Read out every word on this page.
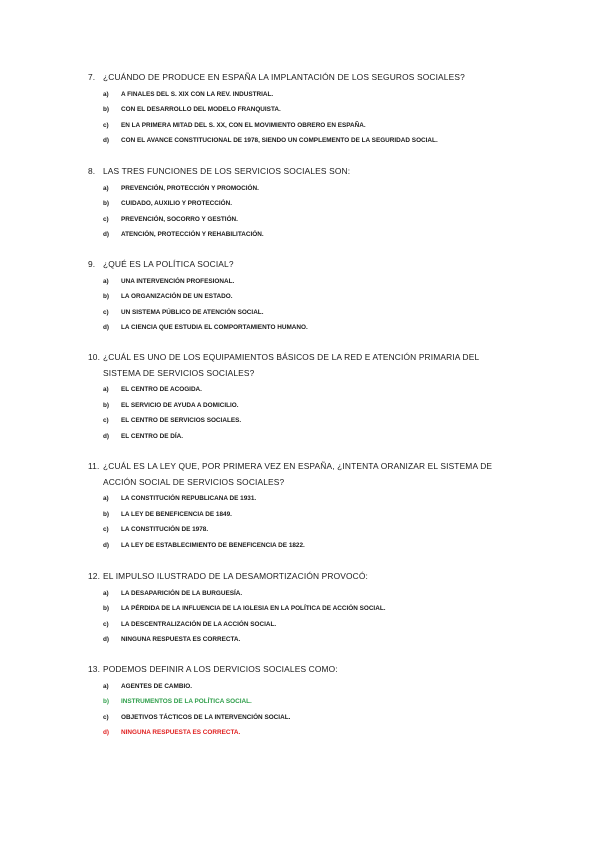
7. ¿CUÁNDO DE PRODUCE EN ESPAÑA LA IMPLANTACIÓN DE LOS SEGUROS SOCIALES?
a)	A FINALES DEL S. XIX CON LA REV. INDUSTRIAL.
b)	CON EL DESARROLLO DEL MODELO FRANQUISTA.
c)	EN LA PRIMERA MITAD DEL S. XX, CON EL MOVIMIENTO OBRERO EN ESPAÑA.
d)	CON EL AVANCE CONSTITUCIONAL DE 1978, SIENDO UN COMPLEMENTO DE LA SEGURIDAD SOCIAL.
8. LAS TRES FUNCIONES DE LOS SERVICIOS SOCIALES SON:
a)	PREVENCIÓN, PROTECCIÓN Y PROMOCIÓN.
b)	CUIDADO, AUXILIO Y PROTECCIÓN.
c)	PREVENCIÓN, SOCORRO Y GESTIÓN.
d)	ATENCIÓN, PROTECCIÓN Y REHABILITACIÓN.
9. ¿QUÉ ES LA POLÍTICA SOCIAL?
a)	UNA INTERVENCIÓN PROFESIONAL.
b)	LA ORGANIZACIÓN DE UN ESTADO.
c)	UN SISTEMA PÚBLICO DE ATENCIÓN SOCIAL.
d)	LA CIENCIA QUE ESTUDIA EL COMPORTAMIENTO HUMANO.
10. ¿CUÁL ES UNO DE LOS EQUIPAMIENTOS BÁSICOS DE LA RED E ATENCIÓN PRIMARIA DEL SISTEMA DE SERVICIOS SOCIALES?
a)	EL CENTRO DE ACOGIDA.
b)	EL SERVICIO DE AYUDA A DOMICILIO.
c)	EL CENTRO DE SERVICIOS SOCIALES.
d)	EL CENTRO DE DÍA.
11. ¿CUÁL ES LA LEY QUE, POR PRIMERA VEZ EN ESPAÑA, ¿INTENTA ORANIZAR EL SISTEMA DE ACCIÓN SOCIAL DE SERVICIOS SOCIALES?
a)	LA CONSTITUCIÓN REPUBLICANA DE 1931.
b)	LA LEY DE BENEFICENCIA DE 1849.
c)	LA CONSTITUCIÓN DE 1978.
d)	LA LEY DE ESTABLECIMIENTO DE BENEFICENCIA DE 1822.
12. EL IMPULSO ILUSTRADO DE LA DESAMORTIZACIÓN PROVOCÓ:
a)	LA DESAPARICIÓN DE LA BURGUESÍA.
b)	LA PÉRDIDA DE LA INFLUENCIA DE LA IGLESIA EN LA POLÍTICA DE ACCIÓN SOCIAL.
c)	LA DESCENTRALIZACIÓN DE LA ACCIÓN SOCIAL.
d)	NINGUNA RESPUESTA ES CORRECTA.
13. PODEMOS DEFINIR A LOS DERVICIOS SOCIALES COMO:
a)	AGENTES DE CAMBIO.
b)	INSTRUMENTOS DE LA POLÍTICA SOCIAL.
c)	OBJETIVOS TÁCTICOS DE LA INTERVENCIÓN SOCIAL.
d)	NINGUNA RESPUESTA ES CORRECTA.
